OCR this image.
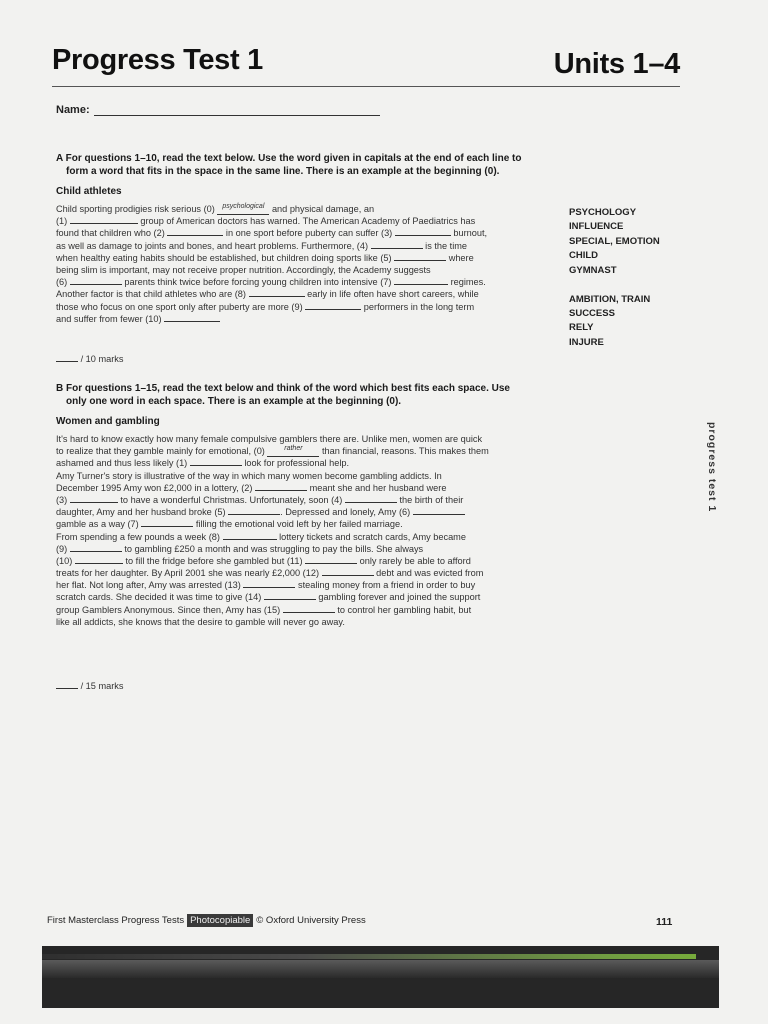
Progress Test 1	Units 1–4
Name:
A For questions 1–10, read the text below. Use the word given in capitals at the end of each line to
form a word that fits in the space in the same line. There is an example at the beginning (0).
Child athletes
Child sporting prodigies risk serious (0)
	psychological
and physical damage, an
(1)

	group of American doctors has warned. The American Academy of Paediatrics has
found that children who (2)

	in one sport before puberty can suffer (3)

	burnout,
as well as damage to joints and bones, and heart problems. Furthermore, (4)

	is the time
when healthy eating habits should be established, but children doing sports like (5)

	where
being slim is important, may not receive proper nutrition. Accordingly, the Academy suggests
(6)

	parents think twice before forcing young children into intensive (7)

	regimes.
Another factor is that child athletes who are (8)

	early in life often have short careers, while
those who focus on one sport only after puberty are more (9)

	performers in the long term
and suffer from fewer (10)

/ 10 marks
PSYCHOLOGY
INFLUENCE
SPECIAL, EMOTION
CHILD
GYMNAST
AMBITION, TRAIN
SUCCESS
RELY
INJURE
B For questions 1–15, read the text below and think of the word which best fits each space. Use
only one word in each space. There is an example at the beginning (0).
Women and gambling
It's hard to know exactly how many female compulsive gamblers there are. Unlike men, women are quick
to realize that they gamble mainly for emotional, (0)
	rather
	than financial, reasons. This makes them
ashamed and thus less likely (1)

	look for professional help.
Amy Turner's story is illustrative of the way in which many women become gambling addicts. In
December 1995 Amy won £2,000 in a lottery, (2)

	meant she and her husband were
(3)

	to have a wonderful Christmas. Unfortunately, soon (4)

	the birth of their
daughter, Amy and her husband broke (5)
	. Depressed and lonely, Amy (6)

gamble as a way (7)

	filling the emotional void left by her failed marriage.
From spending a few pounds a week (8)

	lottery tickets and scratch cards, Amy became
(9)

	to gambling £250 a month and was struggling to pay the bills. She always
(10)

	to fill the fridge before she gambled but (11)

	only rarely be able to afford
treats for her daughter. By April 2001 she was nearly £2,000 (12)

	debt and was evicted from
her flat. Not long after, Amy was arrested (13)

	stealing money from a friend in order to buy
scratch cards. She decided it was time to give (14)

	gambling forever and joined the support
group Gamblers Anonymous. Since then, Amy has (15)

	to control her gambling habit, but
like all addicts, she knows that the desire to gamble will never go away.
/ 15 marks
progress test 1
First Masterclass Progress Tests Photocopiable © Oxford University Press	111
